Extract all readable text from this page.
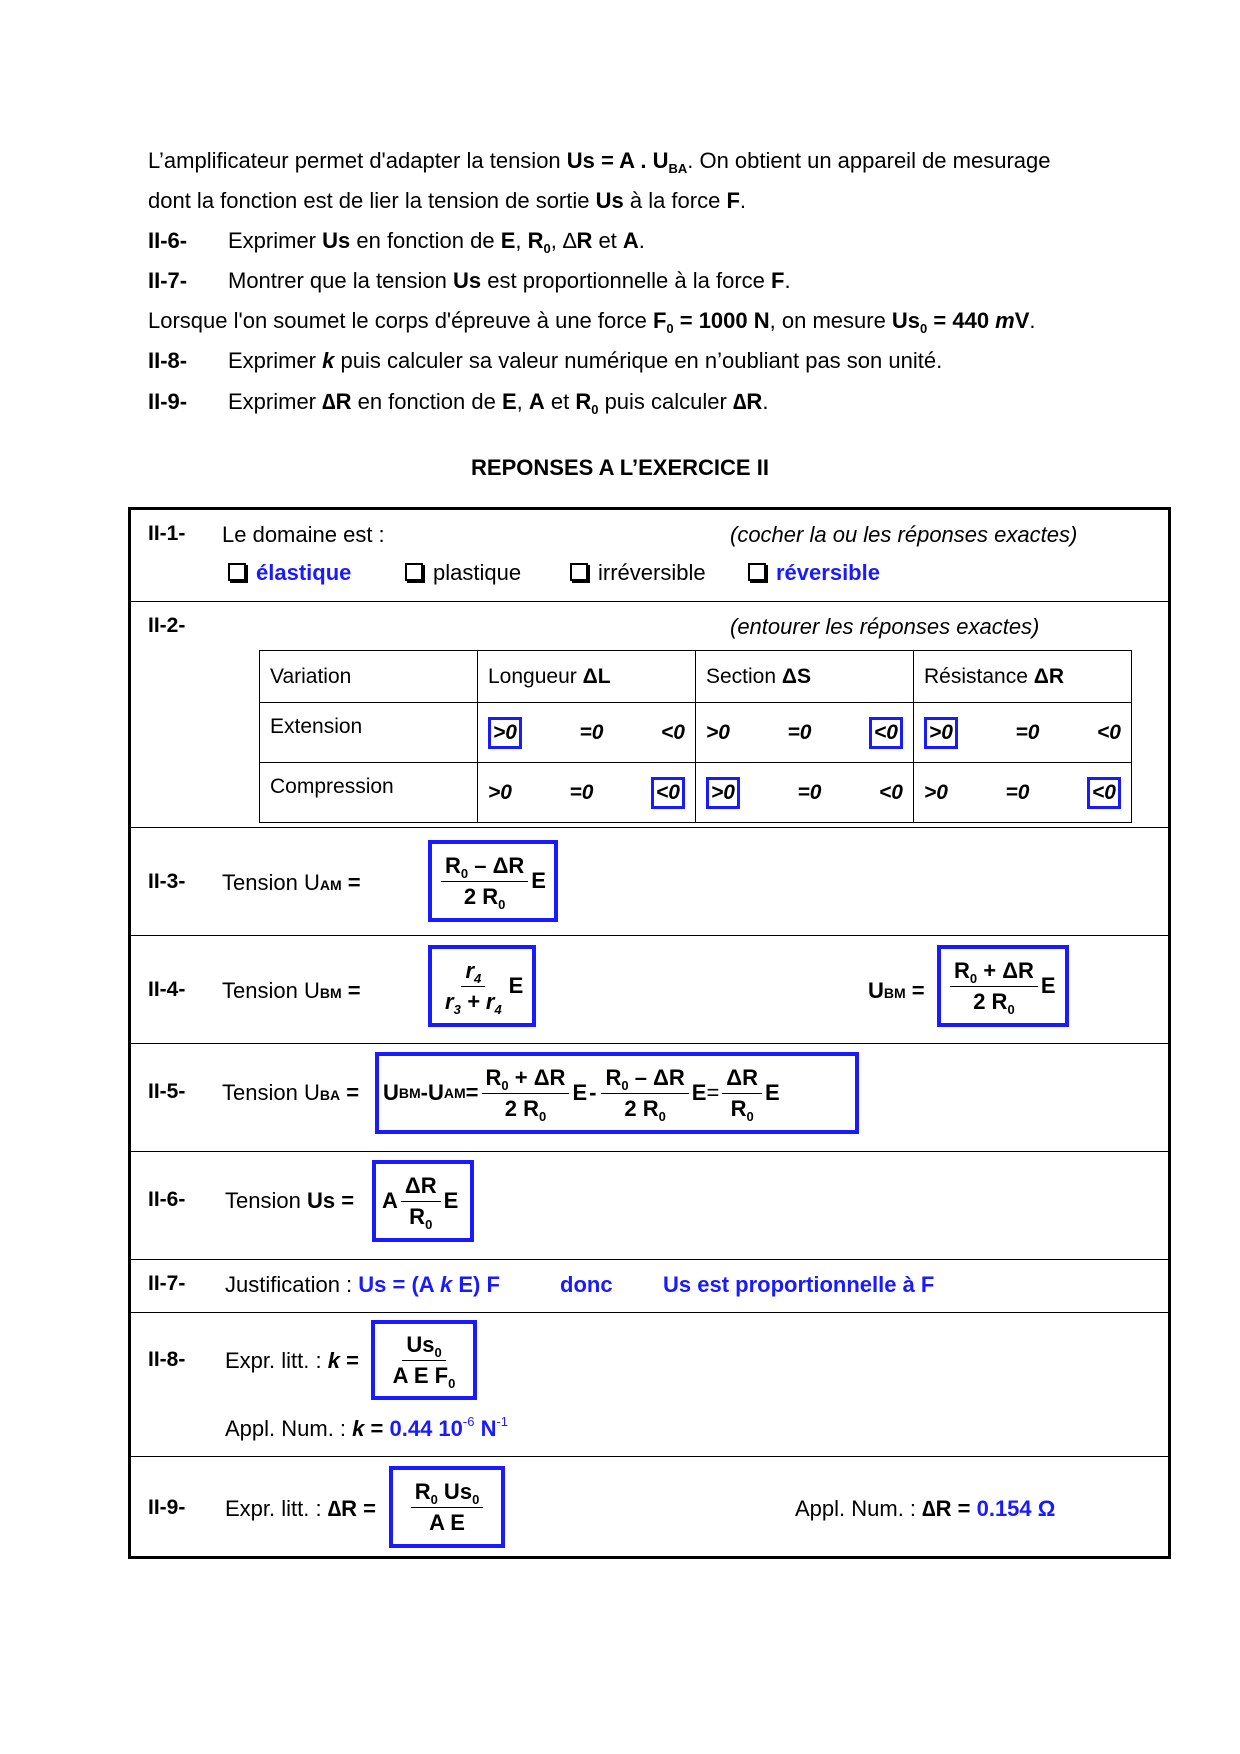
L’amplificateur permet d'adapter la tension Us = A . $U_{BA}$. On obtient un appareil de mesurage
dont la fonction est de lier la tension de sortie Us à la force F.
II-6- Exprimer Us en fonction de E, $R_0$, ∆R et A.
II-7- Montrer que la tension Us est proportionnelle à la force F.
Lorsque l'on soumet le corps d'épreuve à une force $F_0 = 1000$ N, on mesure $Us_0 = 440$ mV.
II-8- Exprimer k puis calculer sa valeur numérique en n’oubliant pas son unité.
II-9- Exprimer ∆R en fonction de E, A et $R_0$ puis calculer ∆R.
REPONSES A L’EXERCICE II
II-1- Le domaine est :	(cocher la ou les réponses exactes)
élastique	plastique	irréversible	réversible
II-2-	(entourer les réponses exactes)
Variation	Longueur ΔL	Section ΔS	Résistance ΔR
Extension	>0 =0 <0	>0 =0 <0	>0 =0 <0

Compression	>0 =0 <0	>0 =0 <0	>0 =0 <0
II-3- Tension UAM =	$\frac{R_0 - \Delta R}{2 R_0}$ E
II-4- Tension UBM =	$\frac{r_4}{r_3 + r_4}$ E	UBM = $\frac{R_0 + \Delta R}{2 R_0}$ E
II-5- Tension UBA = U BM - U AM = $\frac{R_0 + \Delta R}{2 R_0}$ E - $\frac{R_0 - \Delta R}{2 R_0}$ $E = \frac{\Delta R}{R_0}$ E
II-6- Tension Us = A $\frac{\Delta R}{R_0}$ E
II-7- Justification : Us = (A k E) F	donc Us est proportionnelle à F
II-8- Expr. litt. : $k = \frac{Us_0}{A E F_0}$
Appl. Num. : k = 0.44 $10^{-6}$ $N^{-1}$
II-9- Expr. litt. : $\Delta R = \frac{R_0 Us_0}{\text{A E}}$	Appl. Num. : ∆R = 0.154 Ω
